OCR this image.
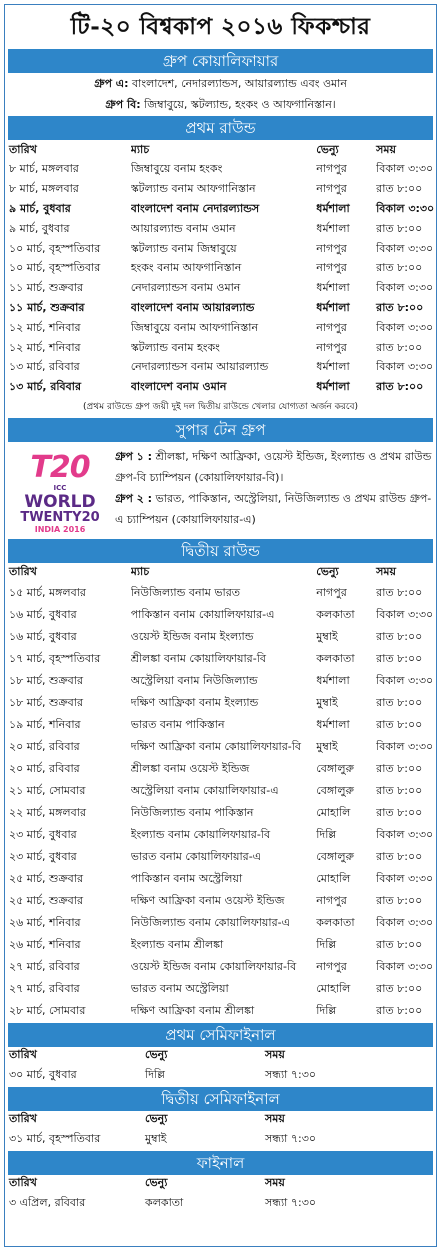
টি-২০ বিশ্বকাপ ২০১৬ ফিকশ্চার
গ্রুপ কোয়ালিফায়ার
গ্রুপ এ: বাংলাদেশ, নেদারল্যান্ডস, আয়ারল্যান্ড এবং ওমান
গ্রুপ বি: জিম্বাবুয়ে, স্কটল্যান্ড, হংকং ও আফগানিস্তান।
প্রথম রাউন্ড
তারিখ	ম্যাচ	ভেন্যু	সময়
৮ মার্চ, মঙ্গলবার	জিম্বাবুয়ে বনাম হংকং	নাগপুর	বিকাল ৩:৩০
৮ মার্চ, মঙ্গলবার	স্কটল্যান্ড বনাম আফগানিস্তান	নাগপুর	রাত ৮:০০
৯ মার্চ, বুধবার	বাংলাদেশ বনাম নেদারল্যান্ডস	ধর্মশালা	বিকাল ৩:৩০
৯ মার্চ, বুধবার	আয়ারল্যান্ড বনাম ওমান	ধর্মশালা	রাত ৮:০০
১০ মার্চ, বৃহস্পতিবার	স্কটল্যান্ড বনাম জিম্বাবুয়ে	নাগপুর	বিকাল ৩:৩০
১০ মার্চ, বৃহস্পতিবার	হংকং বনাম আফগানিস্তান	নাগপুর	রাত ৮:০০
১১ মার্চ, শুক্রবার	নেদারল্যান্ডস বনাম ওমান	ধর্মশালা	বিকাল ৩:৩০
১১ মার্চ, শুক্রবার	বাংলাদেশ বনাম আয়ারল্যান্ড	ধর্মশালা	রাত ৮:০০
১২ মার্চ, শনিবার	জিম্বাবুয়ে বনাম আফগানিস্তান	নাগপুর	বিকাল ৩:৩০
১২ মার্চ, শনিবার	স্কটল্যান্ড বনাম হংকং	নাগপুর	রাত ৮:০০
১৩ মার্চ, রবিবার	নেদারল্যান্ডস বনাম আয়ারল্যান্ড	ধর্মশালা	বিকাল ৩:৩০
১৩ মার্চ, রবিবার	বাংলাদেশ বনাম ওমান	ধর্মশালা	রাত ৮:০০
(প্রথম রাউন্ডে গ্রুপ জয়ী দুই দল দ্বিতীয় রাউন্ডে খেলার যোগ্যতা অর্জন করবে)
সুপার টেন গ্রুপ
T20
ICC
WORLD
TWENTY20
INDIA 2016
গ্রুপ ১ : শ্রীলঙ্কা, দক্ষিণ আফ্রিকা, ওয়েস্ট ইন্ডিজ, ইংল্যান্ড ও প্রথম রাউন্ড গ্রুপ-বি চ্যাম্পিয়ন (কোয়ালিফায়ার-বি)।
গ্রুপ ২ : ভারত, পাকিস্তান, অস্ট্রেলিয়া, নিউজিল্যান্ড ও প্রথম রাউন্ড গ্রুপ-এ চ্যাম্পিয়ন (কোয়ালিফায়ার-এ)
দ্বিতীয় রাউন্ড
তারিখ	ম্যাচ	ভেন্যু	সময়
১৫ মার্চ, মঙ্গলবার	নিউজিল্যান্ড বনাম ভারত	নাগপুর	রাত ৮:০০
১৬ মার্চ, বুধবার	পাকিস্তান বনাম কোয়ালিফায়ার-এ	কলকাতা	বিকাল ৩:৩০
১৬ মার্চ, বুধবার	ওয়েস্ট ইন্ডিজ বনাম ইংল্যান্ড	মুম্বাই	রাত ৮:০০
১৭ মার্চ, বৃহস্পতিবার	শ্রীলঙ্কা বনাম কোয়ালিফায়ার-বি	কলকাতা	রাত ৮:০০
১৮ মার্চ, শুক্রবার	অস্ট্রেলিয়া বনাম নিউজিল্যান্ড	ধর্মশালা	বিকাল ৩:৩০
১৮ মার্চ, শুক্রবার	দক্ষিণ আফ্রিকা বনাম ইংল্যান্ড	মুম্বাই	রাত ৮:০০
১৯ মার্চ, শনিবার	ভারত বনাম পাকিস্তান	ধর্মশালা	রাত ৮:০০
২০ মার্চ, রবিবার	দক্ষিণ আফ্রিকা বনাম কোয়ালিফায়ার-বি	মুম্বাই	বিকাল ৩:৩০
২০ মার্চ, রবিবার	শ্রীলঙ্কা বনাম ওয়েস্ট ইন্ডিজ	বেঙ্গালুরু	রাত ৮:০০
২১ মার্চ, সোমবার	অস্ট্রেলিয়া বনাম কোয়ালিফায়ার-এ	বেঙ্গালুরু	রাত ৮:০০
২২ মার্চ, মঙ্গলবার	নিউজিল্যান্ড বনাম পাকিস্তান	মোহালি	রাত ৮:০০
২৩ মার্চ, বুধবার	ইংল্যান্ড বনাম কোয়ালিফায়ার-বি	দিল্লি	বিকাল ৩:৩০
২৩ মার্চ, বুধবার	ভারত বনাম কোয়ালিফায়ার-এ	বেঙ্গালুরু	রাত ৮:০০
২৫ মার্চ, শুক্রবার	পাকিস্তান বনাম অস্ট্রেলিয়া	মোহালি	বিকাল ৩:৩০
২৫ মার্চ, শুক্রবার	দক্ষিণ আফ্রিকা বনাম ওয়েস্ট ইন্ডিজ	নাগপুর	রাত ৮:০০
২৬ মার্চ, শনিবার	নিউজিল্যান্ড বনাম কোয়ালিফায়ার-এ	কলকাতা	বিকাল ৩:৩০
২৬ মার্চ, শনিবার	ইংল্যান্ড বনাম শ্রীলঙ্কা	দিল্লি	রাত ৮:০০
২৭ মার্চ, রবিবার	ওয়েস্ট ইন্ডিজ বনাম কোয়ালিফায়ার-বি	নাগপুর	বিকাল ৩:৩০
২৭ মার্চ, রবিবার	ভারত বনাম অস্ট্রেলিয়া	মোহালি	রাত ৮:০০
২৮ মার্চ, সোমবার	দক্ষিণ আফ্রিকা বনাম শ্রীলঙ্কা	দিল্লি	রাত ৮:০০
প্রথম সেমিফাইনাল
তারিখ	ভেন্যু	সময়
৩০ মার্চ, বুধবার	দিল্লি	সন্ধ্যা ৭:৩০
দ্বিতীয় সেমিফাইনাল
তারিখ	ভেন্যু	সময়
৩১ মার্চ, বৃহস্পতিবার	মুম্বাই	সন্ধ্যা ৭:৩০
ফাইনাল
তারিখ	ভেন্যু	সময়
৩ এপ্রিল, রবিবার	কলকাতা	সন্ধ্যা ৭:৩০
